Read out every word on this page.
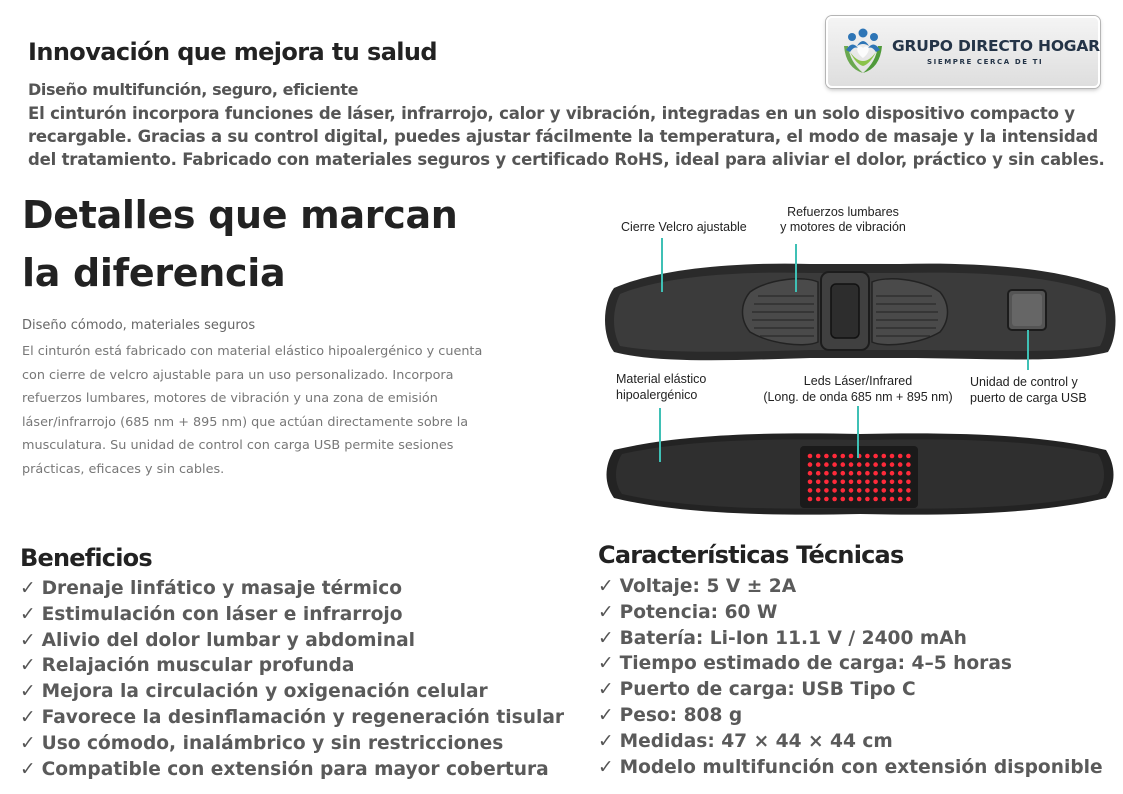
Innovación que mejora tu salud
Diseño multifunción, seguro, eficiente
El cinturón incorpora funciones de láser, infrarrojo, calor y vibración, integradas en un solo dispositivo compacto y recargable. Gracias a su control digital, puedes ajustar fácilmente la temperatura, el modo de masaje y la intensidad del tratamiento. Fabricado con materiales seguros y certificado RoHS, ideal para aliviar el dolor, práctico y sin cables.
GRUPO DIRECTO HOGAR
SIEMPRE CERCA DE TI
Detalles que marcan la diferencia
Diseño cómodo, materiales seguros
El cinturón está fabricado con material elástico hipoalergénico y cuenta con cierre de velcro ajustable para un uso personalizado. Incorpora refuerzos lumbares, motores de vibración y una zona de emisión láser/infrarrojo (685 nm + 895 nm) que actúan directamente sobre la musculatura. Su unidad de control con carga USB permite sesiones prácticas, eficaces y sin cables.
Cierre Velcro ajustable
Refuerzos lumbares
y motores de vibración
Material elástico
hipoalergénico
Leds Láser/Infrared
(Long. de onda 685 nm + 895 nm)
Unidad de control y
puerto de carga USB
Beneficios
✓ Drenaje linfático y masaje térmico
✓ Estimulación con láser e infrarrojo
✓ Alivio del dolor lumbar y abdominal
✓ Relajación muscular profunda
✓ Mejora la circulación y oxigenación celular
✓ Favorece la desinflamación y regeneración tisular
✓ Uso cómodo, inalámbrico y sin restricciones
✓ Compatible con extensión para mayor cobertura
Características Técnicas
✓ Voltaje: 5 V ± 2A
✓ Potencia: 60 W
✓ Batería: Li-Ion 11.1 V / 2400 mAh
✓ Tiempo estimado de carga: 4–5 horas
✓ Puerto de carga: USB Tipo C
✓ Peso: 808 g
✓ Medidas: 47 × 44 × 44 cm
✓ Modelo multifunción con extensión disponible
